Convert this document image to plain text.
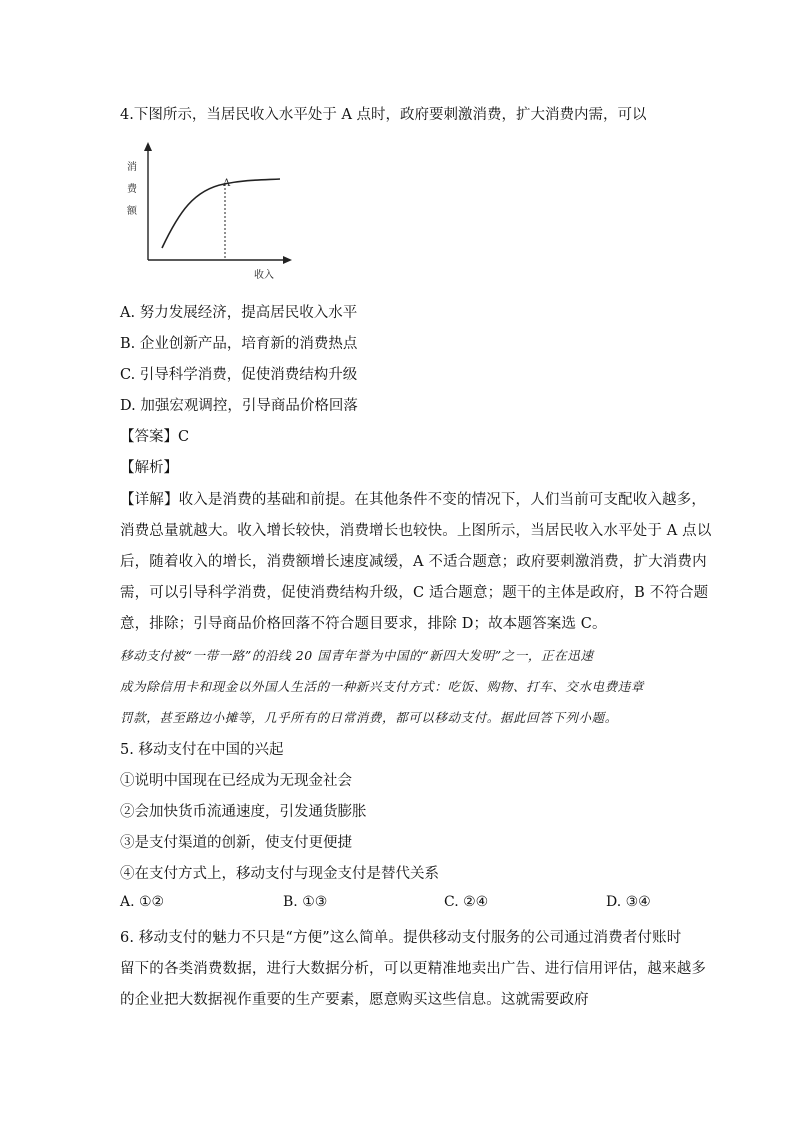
4.下图所示，当居民收入水平处于 A 点时，政府要刺激消费，扩大消费内需，可以
A
消
费
额
收入
A. 努力发展经济，提高居民收入水平
B. 企业创新产品，培育新的消费热点
C. 引导科学消费，促使消费结构升级
D. 加强宏观调控，引导商品价格回落
【答案】C
【解析】
【详解】收入是消费的基础和前提。在其他条件不变的情况下，人们当前可支配收入越多，
消费总量就越大。收入增长较快，消费增长也较快。上图所示，当居民收入水平处于 A 点以
后，随着收入的增长，消费额增长速度减缓，A 不适合题意；政府要刺激消费，扩大消费内
需，可以引导科学消费，促使消费结构升级，C 适合题意；题干的主体是政府，B 不符合题
意，排除；引导商品价格回落不符合题目要求，排除 D；故本题答案选 C。
移动支付被“一带一路”的沿线 20 国青年誉为中国的“新四大发明”之一，正在迅速
成为除信用卡和现金以外国人生活的一种新兴支付方式：吃饭、购物、打车、交水电费违章
罚款，甚至路边小摊等，几乎所有的日常消费，都可以移动支付。据此回答下列小题。
5. 移动支付在中国的兴起
①说明中国现在已经成为无现金社会
②会加快货币流通速度，引发通货膨胀
③是支付渠道的创新，使支付更便捷
④在支付方式上，移动支付与现金支付是替代关系
A. ①②	B. ①③	C. ②④	D. ③④
6. 移动支付的魅力不只是“方便”这么简单。提供移动支付服务的公司通过消费者付账时
留下的各类消费数据，进行大数据分析，可以更精准地卖出广告、进行信用评估，越来越多
的企业把大数据视作重要的生产要素，愿意购买这些信息。这就需要政府
